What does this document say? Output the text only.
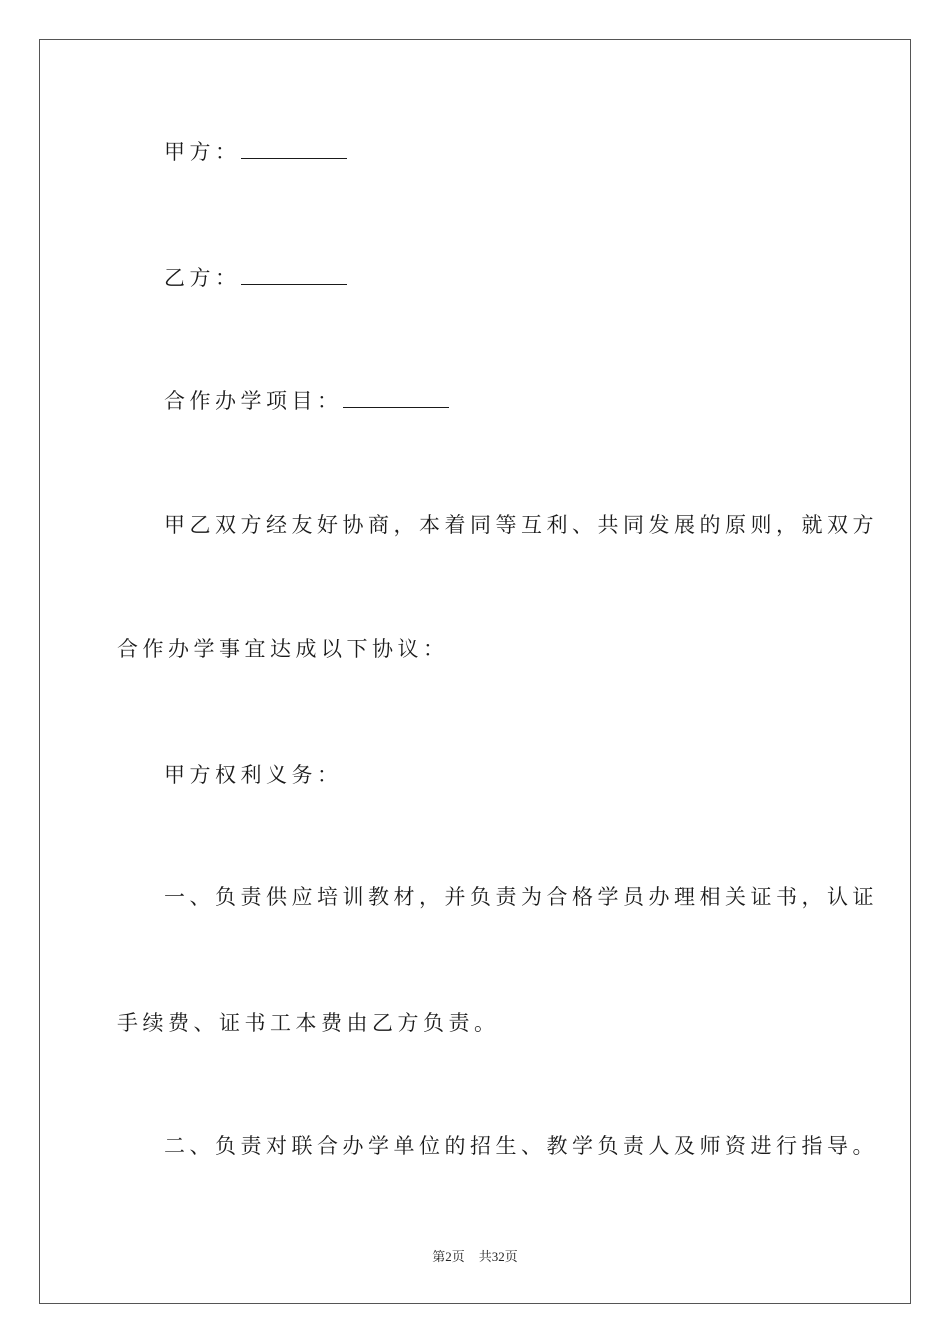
甲方：
乙方：
合作办学项目：
甲乙双方经友好协商，本着同等互利、共同发展的原则，就双方
合作办学事宜达成以下协议：
甲方权利义务：
一、负责供应培训教材，并负责为合格学员办理相关证书，认证
手续费、证书工本费由乙方负责。
二、负责对联合办学单位的招生、教学负责人及师资进行指导。
第2页 共32页
